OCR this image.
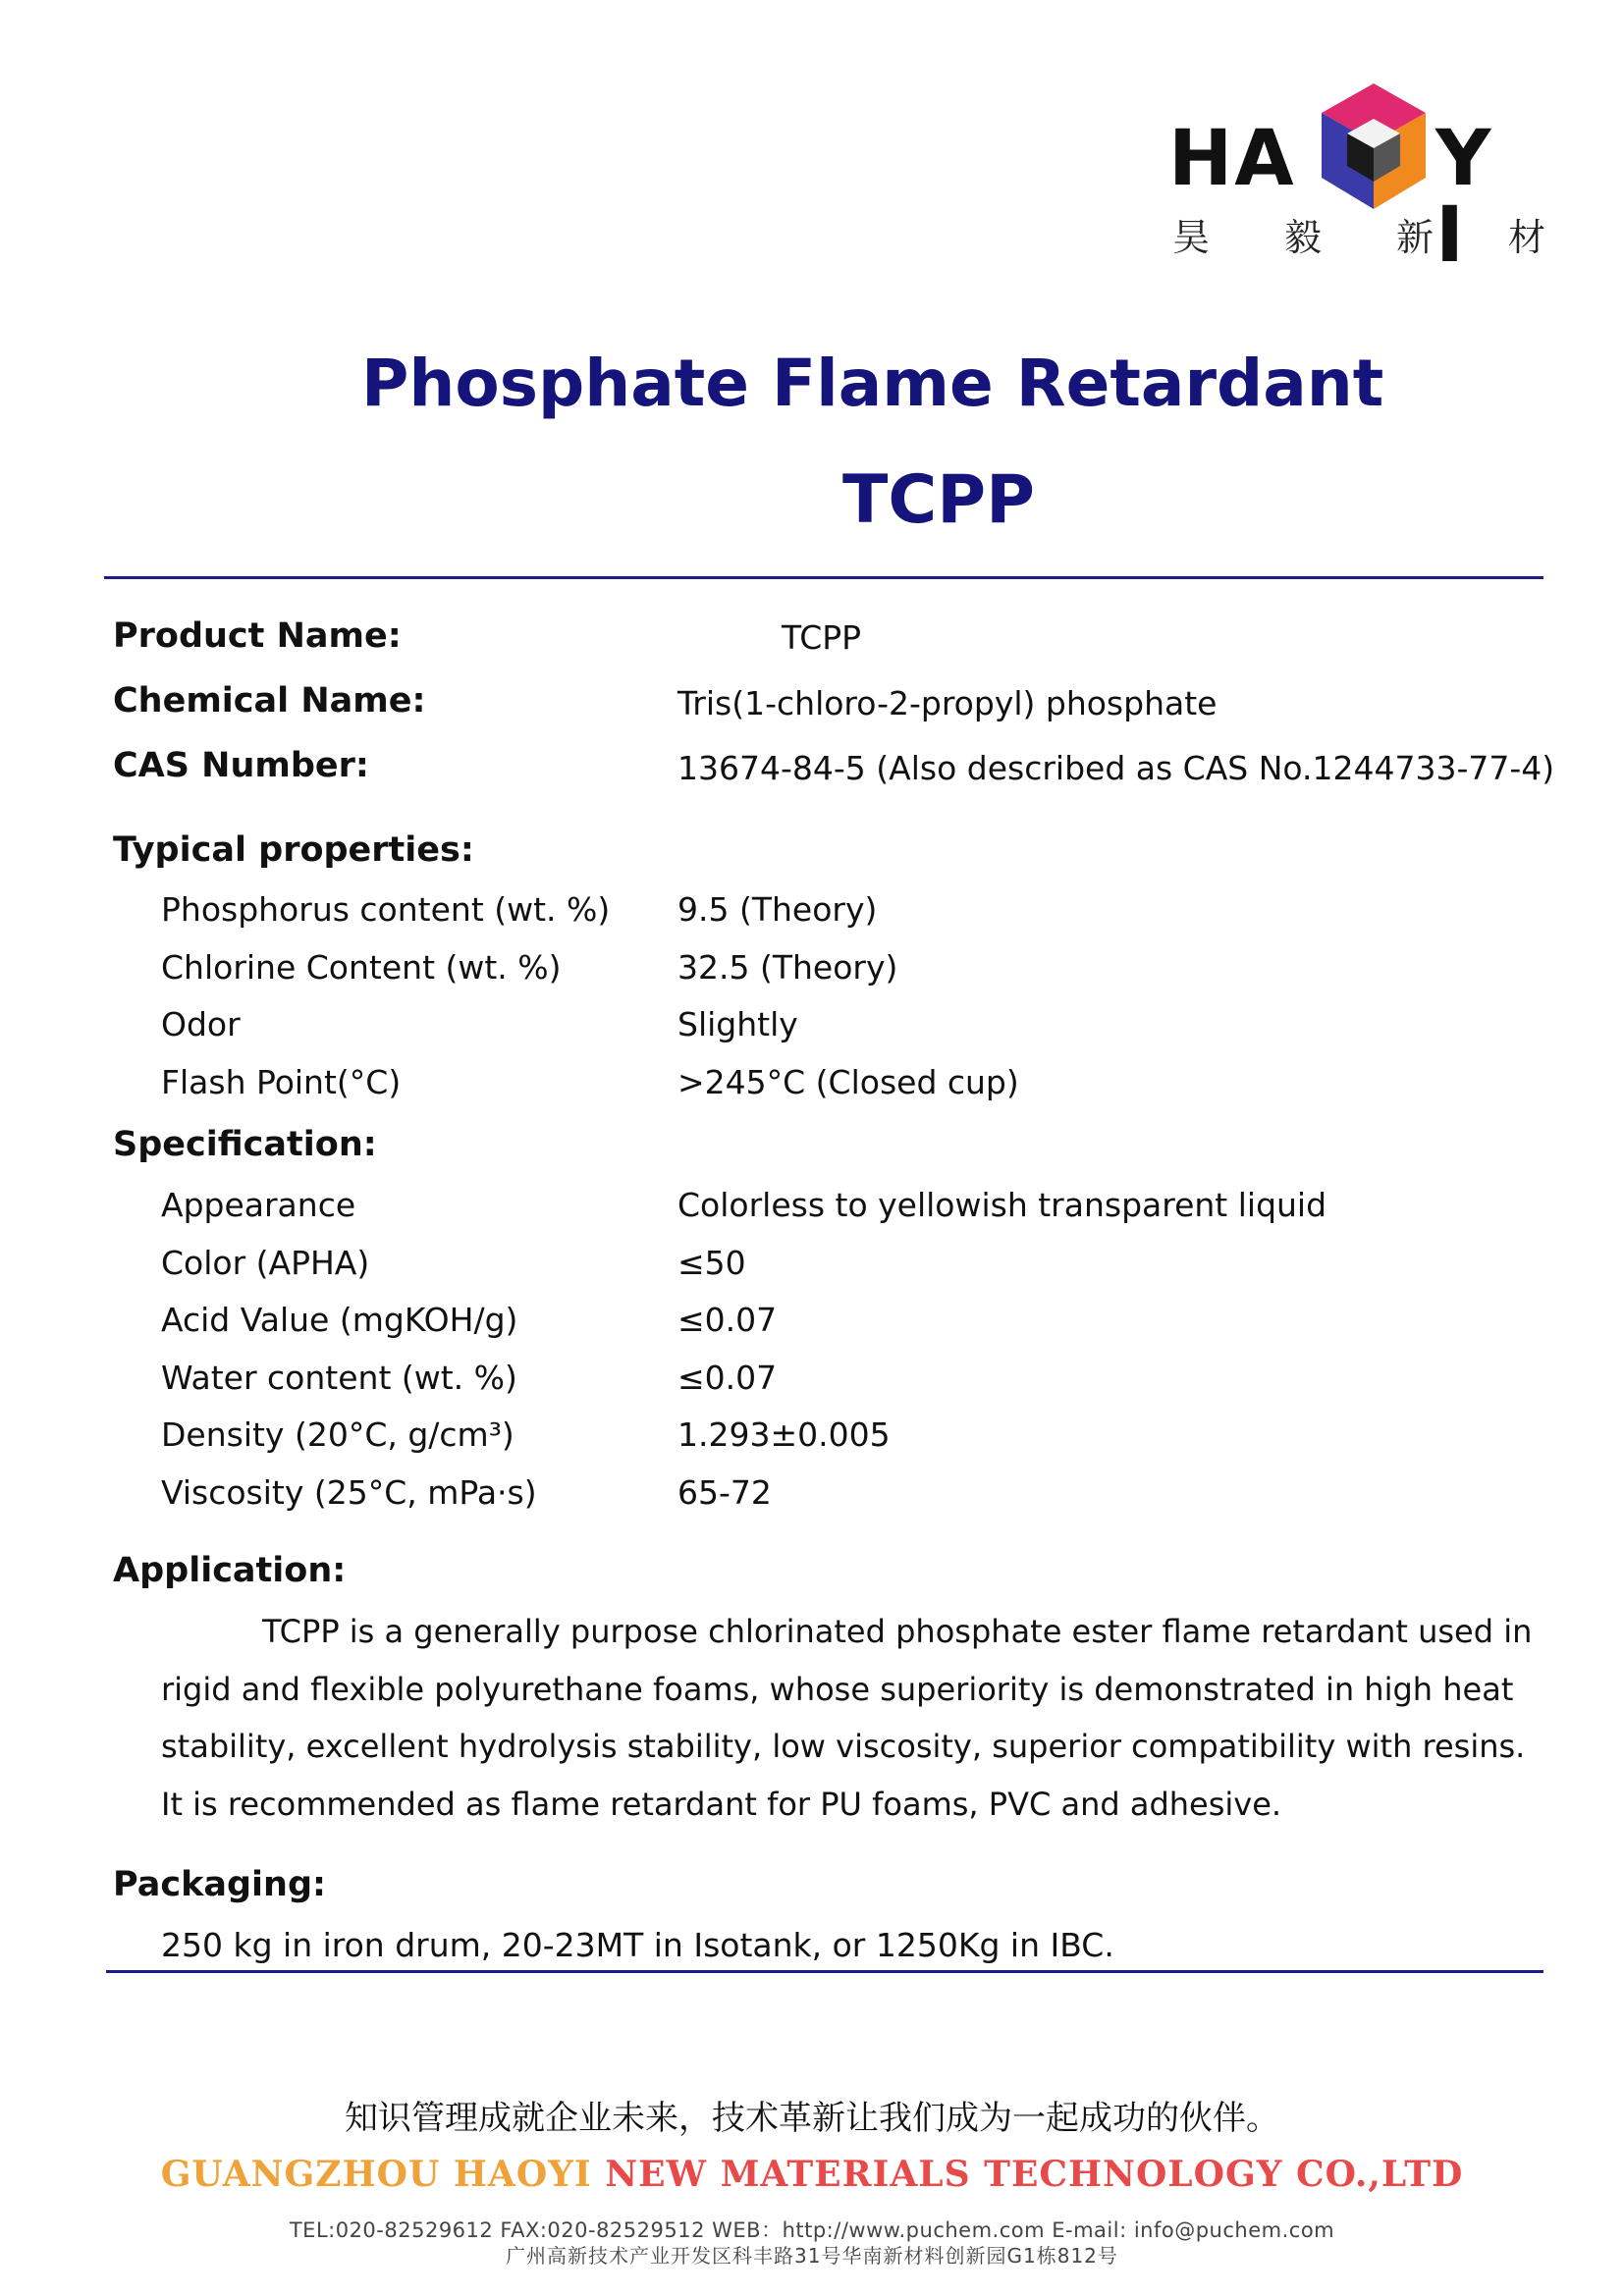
HA Y I
昊 毅 新 材
Phosphate Flame Retardant
TCPP
Product Name:	TCPP
Chemical Name:	Tris(1-chloro-2-propyl) phosphate
CAS Number:	13674-84-5 (Also described as CAS No.1244733-77-4)
Typical properties:
Phosphorus content (wt. %) 9.5 (Theory)
Chlorine Content (wt. %)	32.5 (Theory)
Odor	Slightly
Flash Point(°C)	>245°C (Closed cup)
Specification:
Appearance	Colorless to yellowish transparent liquid
Color (APHA)	≤50
Acid Value (mgKOH/g)	≤0.07
Water content (wt. %)	≤0.07
Density (20°C, g/cm³)	1.293±0.005
Viscosity (25°C, mPa·s)	65-72
Application:
TCPP is a generally purpose chlorinated phosphate ester flame retardant used in rigid and flexible polyurethane foams, whose superiority is demonstrated in high heat stability, excellent hydrolysis stability, low viscosity, superior compatibility with resins. It is recommended as flame retardant for PU foams, PVC and adhesive.
Packaging:
250 kg in iron drum, 20-23MT in Isotank, or 1250Kg in IBC.
知识管理成就企业未来，技术革新让我们成为一起成功的伙伴。
GUANGZHOU HAOYI NEW MATERIALS TECHNOLOGY CO.,LTD
TEL:020-82529612 FAX:020-82529512 WEB：http://www.puchem.com E-mail: info@puchem.com
广州高新技术产业开发区科丰路31号华南新材料创新园G1栋812号
